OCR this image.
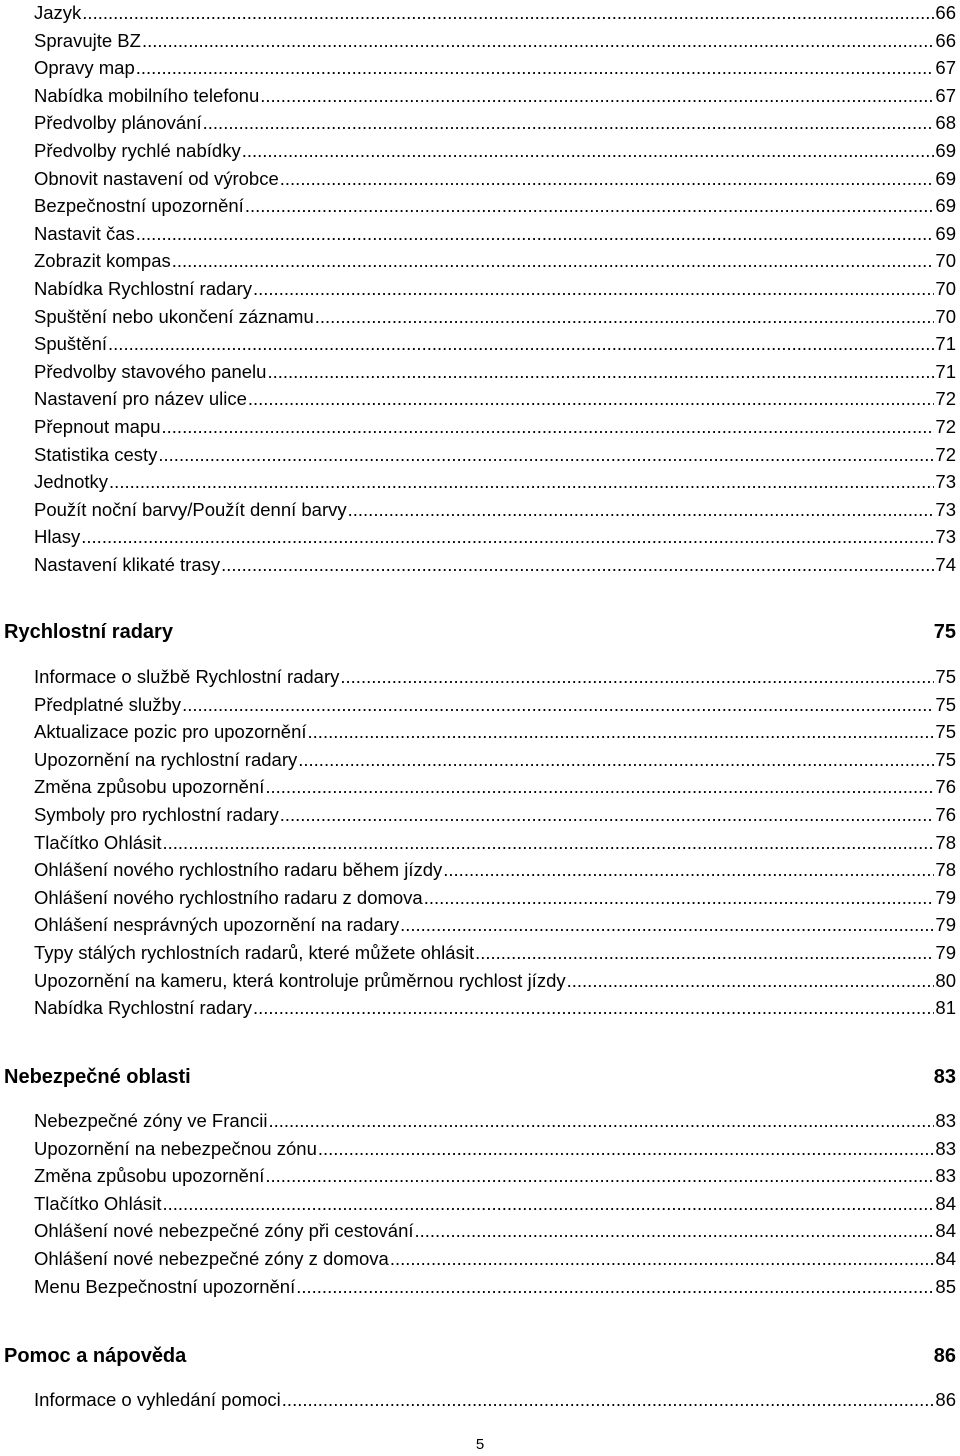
Jazyk .....	66
Spravujte BZ .....	66
Opravy map .....	67
Nabídka mobilního telefonu .....	67
Předvolby plánování .....	68
Předvolby rychlé nabídky .....	69
Obnovit nastavení od výrobce .....	69
Bezpečnostní upozornění .....	69
Nastavit čas .....	69
Zobrazit kompas .....	70
Nabídka Rychlostní radary .....	70
Spuštění nebo ukončení záznamu .....	70
Spuštění .....	71
Předvolby stavového panelu .....	71
Nastavení pro název ulice .....	72
Přepnout mapu .....	72
Statistika cesty .....	72
Jednotky .....	73
Použít noční barvy/Použít denní barvy .....	73
Hlasy .....	73
Nastavení klikaté trasy .....	74
Rychlostní radary	75
Informace o službě Rychlostní radary .....	75
Předplatné služby .....	75
Aktualizace pozic pro upozornění .....	75
Upozornění na rychlostní radary .....	75
Změna způsobu upozornění .....	76
Symboly pro rychlostní radary .....	76
Tlačítko Ohlásit .....	78
Ohlášení nového rychlostního radaru během jízdy .....	78
Ohlášení nového rychlostního radaru z domova .....	79
Ohlášení nesprávných upozornění na radary .....	79
Typy stálých rychlostních radarů, které můžete ohlásit .....	79
Upozornění na kameru, která kontroluje průměrnou rychlost jízdy .....	80
Nabídka Rychlostní radary .....	81
Nebezpečné oblasti	83
Nebezpečné zóny ve Francii .....	83
Upozornění na nebezpečnou zónu .....	83
Změna způsobu upozornění .....	83
Tlačítko Ohlásit .....	84
Ohlášení nové nebezpečné zóny při cestování .....	84
Ohlášení nové nebezpečné zóny z domova .....	84
Menu Bezpečnostní upozornění .....	85
Pomoc a nápověda	86
Informace o vyhledání pomoci .....	86
5
